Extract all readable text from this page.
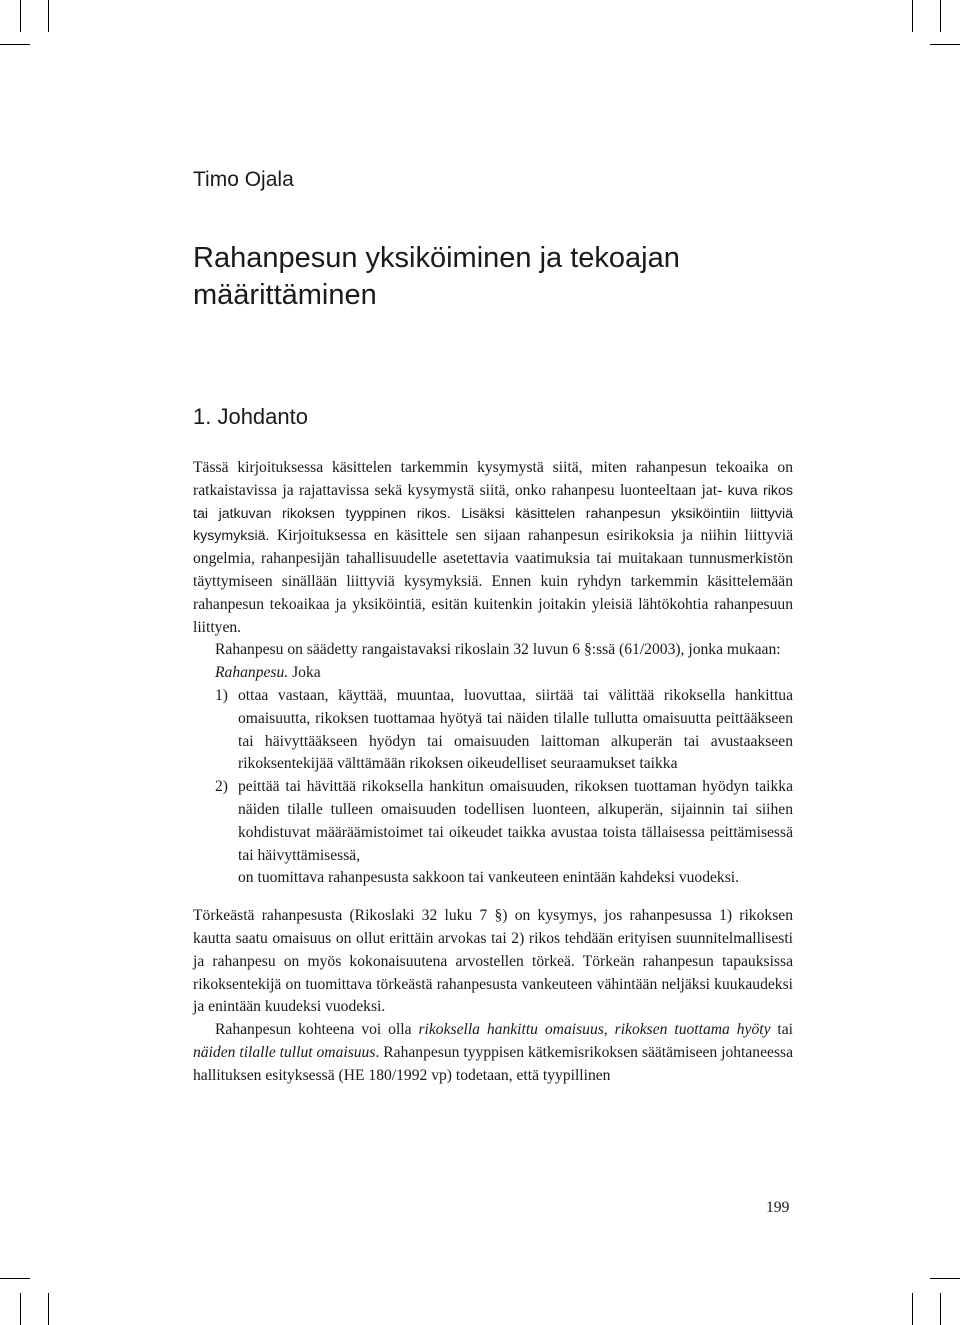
Timo Ojala
Rahanpesun yksiköiminen ja tekoajan
määrittäminen
1. Johdanto

Tässä kirjoituksessa käsittelen tarkemmin kysymystä siitä, miten rahanpesun tekoaika on ratkaistavissa ja rajattavissa sekä kysymystä siitä, onko rahanpesu luonteeltaan jat- kuva rikos tai jatkuvan rikoksen tyyppinen rikos. Lisäksi käsittelen rahanpesun yksiköintiin liittyviä kysymyksiä. Kirjoituksessa en käsittele sen sijaan rahanpesun esirikoksia ja niihin liittyviä ongelmia, rahanpesijän tahallisuudelle asetettavia vaatimuksia tai muitakaan tunnusmerkistön täyttymiseen sinällään liittyviä kysymyksiä. Ennen kuin ryhdyn tarkemmin käsittelemään rahanpesun tekoaikaa ja yksiköintiä, esitän kuitenkin joitakin yleisiä lähtökohtia rahanpesuun liittyen.

Rahanpesu on säädetty rangaistavaksi rikoslain 32 luvun 6 §:ssä (61/2003), jonka mukaan:

Rahanpesu. Joka

1) ottaa vastaan, käyttää, muuntaa, luovuttaa, siirtää tai välittää rikoksella hankittua omaisuutta, rikoksen tuottamaa hyötyä tai näiden tilalle tullutta omaisuutta peittääkseen tai häivyttääkseen hyödyn tai omaisuuden laittoman alkuperän tai avustaakseen rikoksentekijää välttämään rikoksen oikeudelliset seuraamukset taikka
2) peittää tai hävittää rikoksella hankitun omaisuuden, rikoksen tuottaman hyödyn taikka näiden tilalle tulleen omaisuuden todellisen luonteen, alkuperän, sijainnin tai siihen kohdistuvat määräämistoimet tai oikeudet taikka avustaa toista tällaisessa peittämisessä tai häivyttämisessä,

on tuomittava rahanpesusta sakkoon tai vankeuteen enintään kahdeksi vuodeksi.

Törkeästä rahanpesusta (Rikoslaki 32 luku 7 §) on kysymys, jos rahanpesussa 1) rikoksen kautta saatu omaisuus on ollut erittäin arvokas tai 2) rikos tehdään erityisen suunnitelmallisesti ja rahanpesu on myös kokonaisuutena arvostellen törkeä. Törkeän rahanpesun tapauksissa rikoksentekijä on tuomittava törkeästä rahanpesusta vankeuteen vähintään neljäksi kuukaudeksi ja enintään kuudeksi vuodeksi.

Rahanpesun kohteena voi olla rikoksella hankittu omaisuus, rikoksen tuottama hyöty tai näiden tilalle tullut omaisuus. Rahanpesun tyyppisen kätkemisrikoksen säätämiseen johtaneessa hallituksen esityksessä (HE 180/1992 vp) todetaan, että tyypillinen

199
